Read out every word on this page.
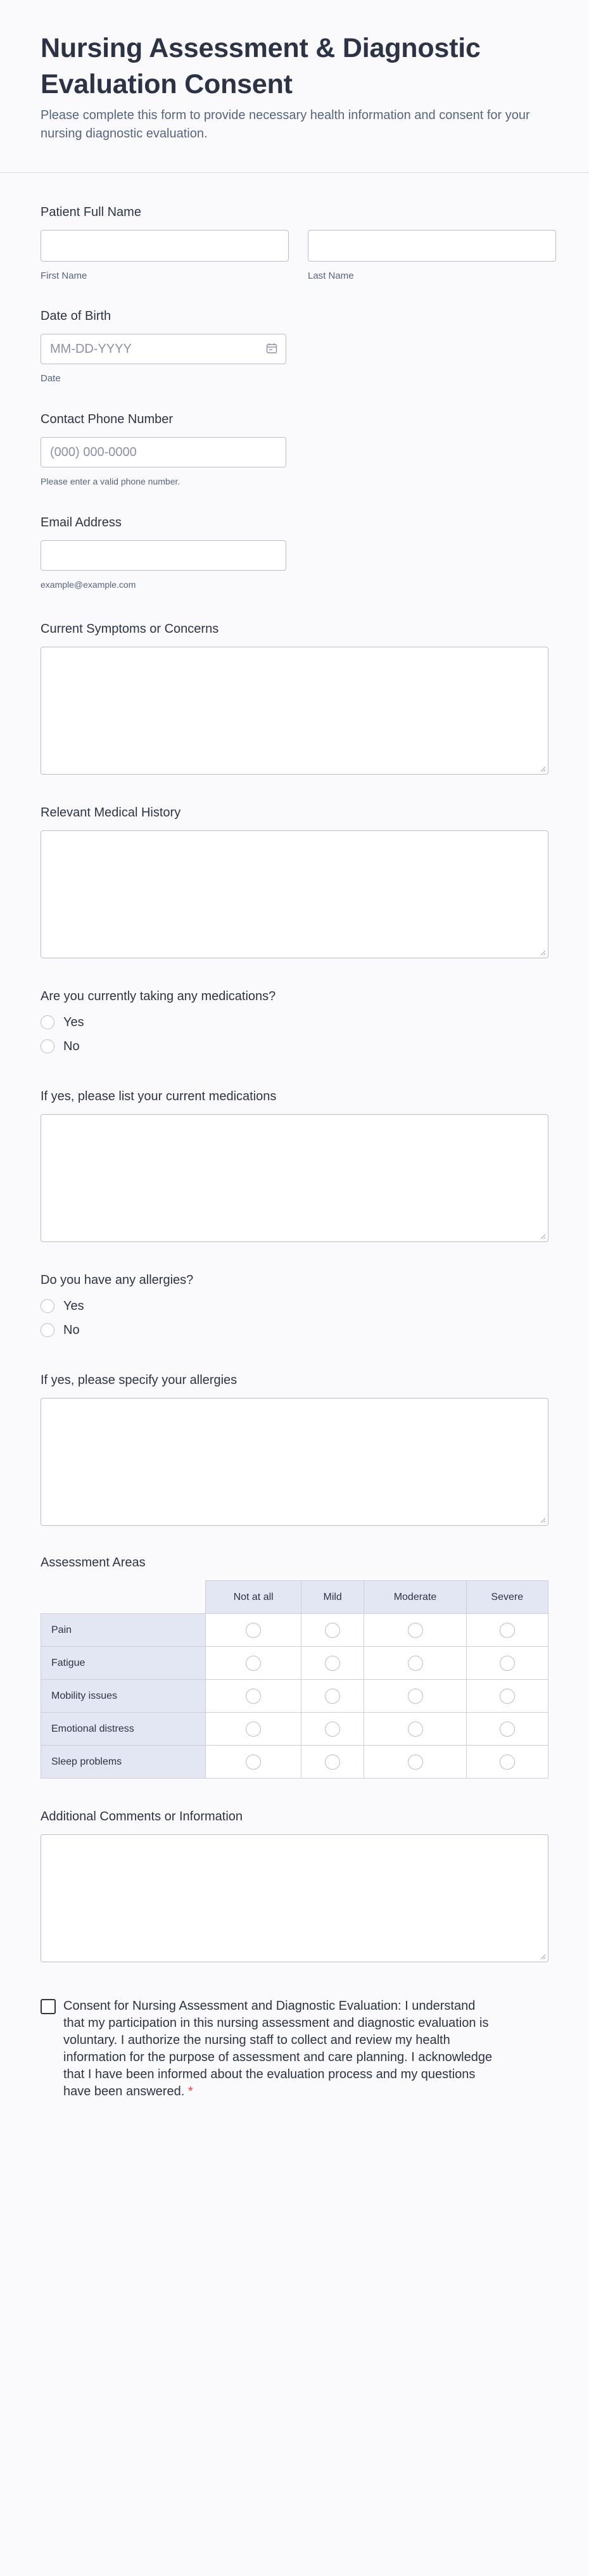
Nursing Assessment & Diagnostic Evaluation Consent
Please complete this form to provide necessary health information and consent for your nursing diagnostic evaluation.
Patient Full Name
First Name	Last Name
Date of Birth
MM-DD-YYYY
Date
Contact Phone Number
(000) 000-0000
Please enter a valid phone number.
Email Address
example@example.com
Current Symptoms or Concerns
Relevant Medical History
Are you currently taking any medications?
Yes
No
If yes, please list your current medications
Do you have any allergies?
Yes
No
If yes, please specify your allergies
Assessment Areas
	Not at all	Mild	Moderate	Severe
Pain				
Fatigue				
Mobility issues				
Emotional distress				
Sleep problems				
Additional Comments or Information
Consent for Nursing Assessment and Diagnostic Evaluation: I understand that my participation in this nursing assessment and diagnostic evaluation is voluntary. I authorize the nursing staff to collect and review my health information for the purpose of assessment and care planning. I acknowledge that I have been informed about the evaluation process and my questions have been answered. *
